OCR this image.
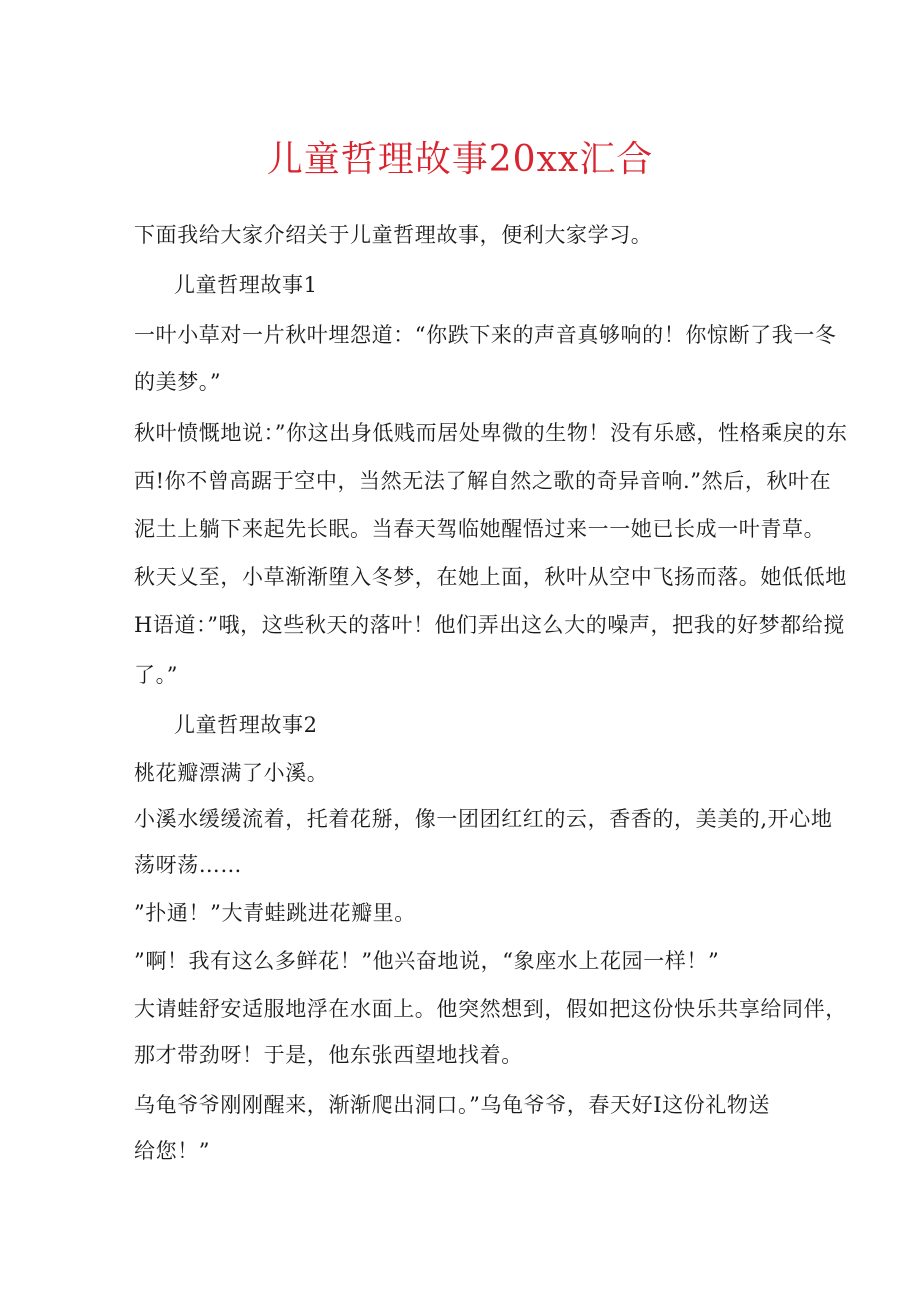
儿童哲理故事20xx汇合

下面我给大家介绍关于儿童哲理故事，便利大家学习。

儿童哲理故事1

一叶小草对一片秋叶埋怨道：“你跌下来的声音真够响的！你惊断了我一冬

的美梦。”

秋叶愤慨地说：”你这出身低贱而居处卑微的生物！没有乐感，性格乘戾的东

西!你不曾高踞于空中，当然无法了解自然之歌的奇异音响.”然后，秋叶在

泥土上躺下来起先长眠。当春天驾临她醒悟过来一一她已长成一叶青草。

秋天乂至，小草渐渐堕入冬梦，在她上面，秋叶从空中飞扬而落。她低低地

H语道：”哦，这些秋天的落叶！他们弄出这么大的噪声，把我的好梦都给搅

了。”

儿童哲理故事2

桃花瓣漂满了小溪。

小溪水缓缓流着，托着花掰，像一团团红红的云，香香的，美美的,开心地

荡呀荡……

”扑通！”大青蛙跳进花瓣里。

”啊！我有这么多鲜花！”他兴奋地说，“象座水上花园一样！”

大请蛙舒安适服地浮在水面上。他突然想到，假如把这份快乐共享给同伴，

那才带劲呀！于是，他东张西望地找着。

乌龟爷爷刚刚醒来，渐渐爬出洞口。”乌龟爷爷，春天好I这份礼物送

给您！”
